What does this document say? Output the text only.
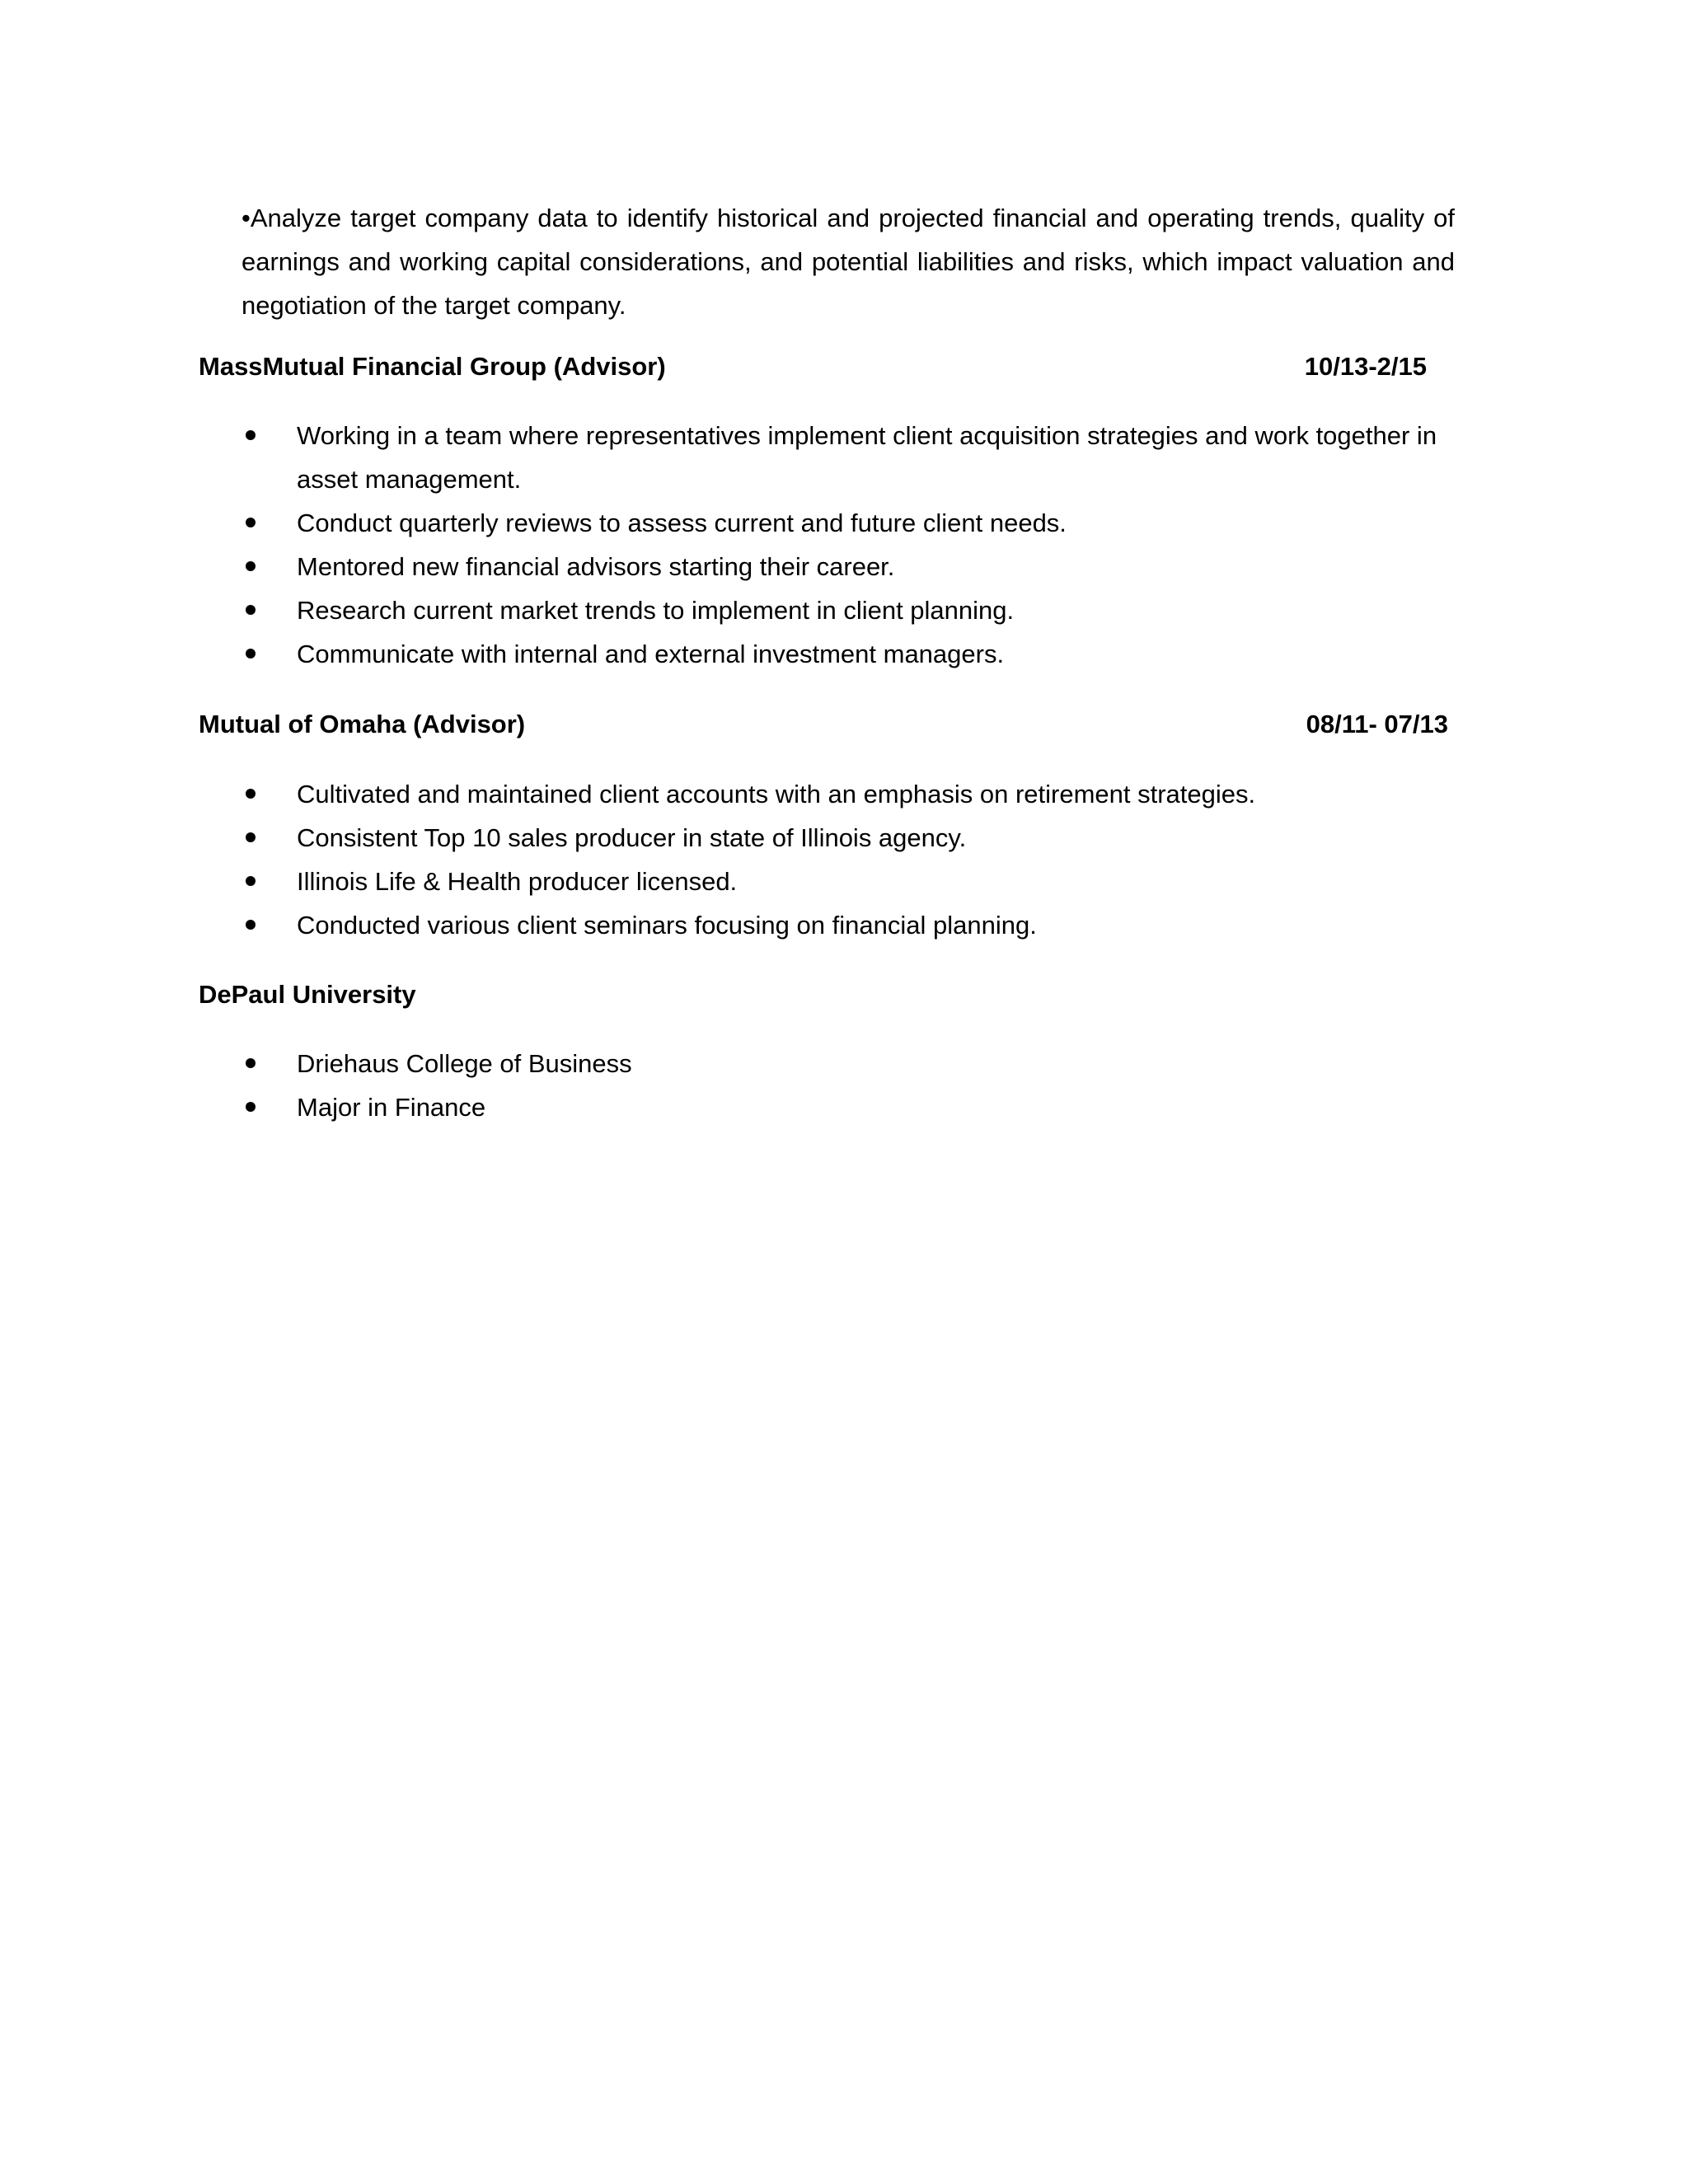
•Analyze target company data to identify historical and projected financial and operating trends, quality of earnings and working capital considerations, and potential liabilities and risks, which impact valuation and negotiation of the target company.

MassMutual Financial Group (Advisor)	10/13-2/15
Working in a team where representatives implement client acquisition strategies and work together in asset management.
Conduct quarterly reviews to assess current and future client needs.
Mentored new financial advisors starting their career.
Research current market trends to implement in client planning.
Communicate with internal and external investment managers.
Mutual of Omaha (Advisor)	08/11- 07/13
Cultivated and maintained client accounts with an emphasis on retirement strategies.
Consistent Top 10 sales producer in state of Illinois agency.
Illinois Life & Health producer licensed.
Conducted various client seminars focusing on financial planning.
DePaul University
Driehaus College of Business
Major in Finance
